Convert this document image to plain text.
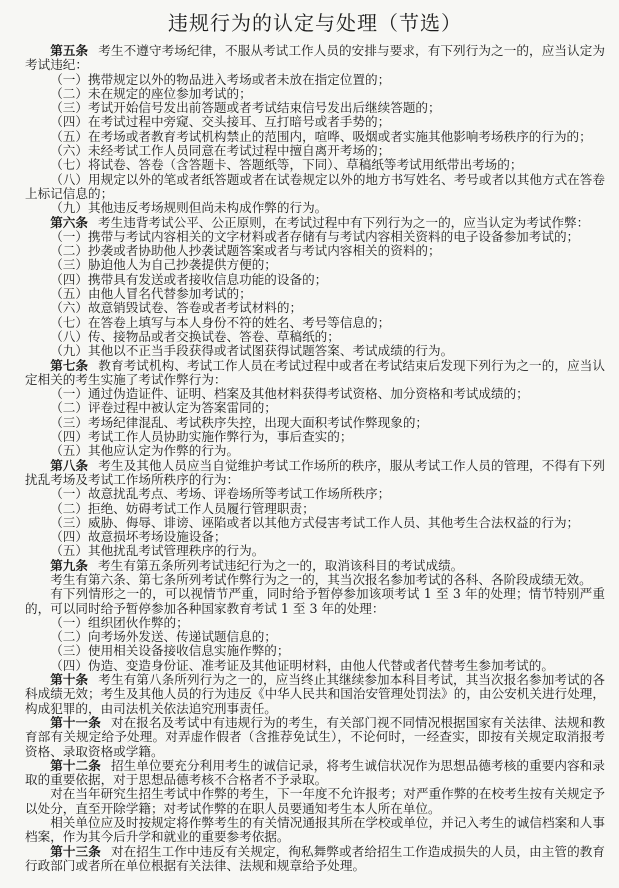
违规行为的认定与处理（节选）

第五条 考生不遵守考场纪律，不服从考试工作人员的安排与要求，有下列行为之一的，应当认定为考试违纪：

（一）携带规定以外的物品进入考场或者未放在指定位置的；

（二）未在规定的座位参加考试的；

（三）考试开始信号发出前答题或者考试结束信号发出后继续答题的；

（四）在考试过程中旁窥、交头接耳、互打暗号或者手势的；

（五）在考场或者教育考试机构禁止的范围内，喧哗、吸烟或者实施其他影响考场秩序的行为的；

（六）未经考试工作人员同意在考试过程中擅自离开考场的；

（七）将试卷、答卷（含答题卡、答题纸等，下同）、草稿纸等考试用纸带出考场的；

（八）用规定以外的笔或者纸答题或者在试卷规定以外的地方书写姓名、考号或者以其他方式在答卷上标记信息的；

（九）其他违反考场规则但尚未构成作弊的行为。

第六条 考生违背考试公平、公正原则，在考试过程中有下列行为之一的，应当认定为考试作弊：

（一）携带与考试内容相关的文字材料或者存储有与考试内容相关资料的电子设备参加考试的；

（二）抄袭或者协助他人抄袭试题答案或者与考试内容相关的资料的；

（三）胁迫他人为自己抄袭提供方便的；

（四）携带具有发送或者接收信息功能的设备的；

（五）由他人冒名代替参加考试的；

（六）故意销毁试卷、答卷或者考试材料的；

（七）在答卷上填写与本人身份不符的姓名、考号等信息的；

（八）传、接物品或者交换试卷、答卷、草稿纸的；

（九）其他以不正当手段获得或者试图获得试题答案、考试成绩的行为。

第七条 教育考试机构、考试工作人员在考试过程中或者在考试结束后发现下列行为之一的，应当认定相关的考生实施了考试作弊行为：

（一）通过伪造证件、证明、档案及其他材料获得考试资格、加分资格和考试成绩的；

（二）评卷过程中被认定为答案雷同的；

（三）考场纪律混乱、考试秩序失控，出现大面积考试作弊现象的；

（四）考试工作人员协助实施作弊行为，事后查实的；

（五）其他应认定为作弊的行为。

第八条 考生及其他人员应当自觉维护考试工作场所的秩序，服从考试工作人员的管理，不得有下列扰乱考场及考试工作场所秩序的行为：

（一）故意扰乱考点、考场、评卷场所等考试工作场所秩序；

（二）拒绝、妨碍考试工作人员履行管理职责；

（三）威胁、侮辱、诽谤、诬陷或者以其他方式侵害考试工作人员、其他考生合法权益的行为；

（四）故意损坏考场设施设备；

（五）其他扰乱考试管理秩序的行为。

第九条 考生有第五条所列考试违纪行为之一的，取消该科目的考试成绩。

考生有第六条、第七条所列考试作弊行为之一的，其当次报名参加考试的各科、各阶段成绩无效。

有下列情形之一的，可以视情节严重，同时给予暂停参加该项考试 1 至 3 年的处理；情节特别严重的，可以同时给予暂停参加各种国家教育考试 1 至 3 年的处理：

（一）组织团伙作弊的；

（二）向考场外发送、传递试题信息的；

（三）使用相关设备接收信息实施作弊的；

（四）伪造、变造身份证、准考证及其他证明材料，由他人代替或者代替考生参加考试的。

第十条 考生有第八条所列行为之一的，应当终止其继续参加本科目考试，其当次报名参加考试的各科成绩无效；考生及其他人员的行为违反《中华人民共和国治安管理处罚法》的，由公安机关进行处理，构成犯罪的，由司法机关依法追究刑事责任。

第十一条 对在报名及考试中有违规行为的考生，有关部门视不同情况根据国家有关法律、法规和教育部有关规定给予处理。对弄虚作假者（含推荐免试生），不论何时，一经查实，即按有关规定取消报考资格、录取资格或学籍。

第十二条 招生单位要充分利用考生的诚信记录，将考生诚信状况作为思想品德考核的重要内容和录取的重要依据，对于思想品德考核不合格者不予录取。

对在当年研究生招生考试中作弊的考生，下一年度不允许报考；对严重作弊的在校考生按有关规定予以处分，直至开除学籍；对考试作弊的在职人员要通知考生本人所在单位。

相关单位应及时按规定将作弊考生的有关情况通报其所在学校或单位，并记入考生的诚信档案和人事档案，作为其今后升学和就业的重要参考依据。

第十三条 对在招生工作中违反有关规定，徇私舞弊或者给招生工作造成损失的人员，由主管的教育行政部门或者所在单位根据有关法律、法规和规章给予处理。
